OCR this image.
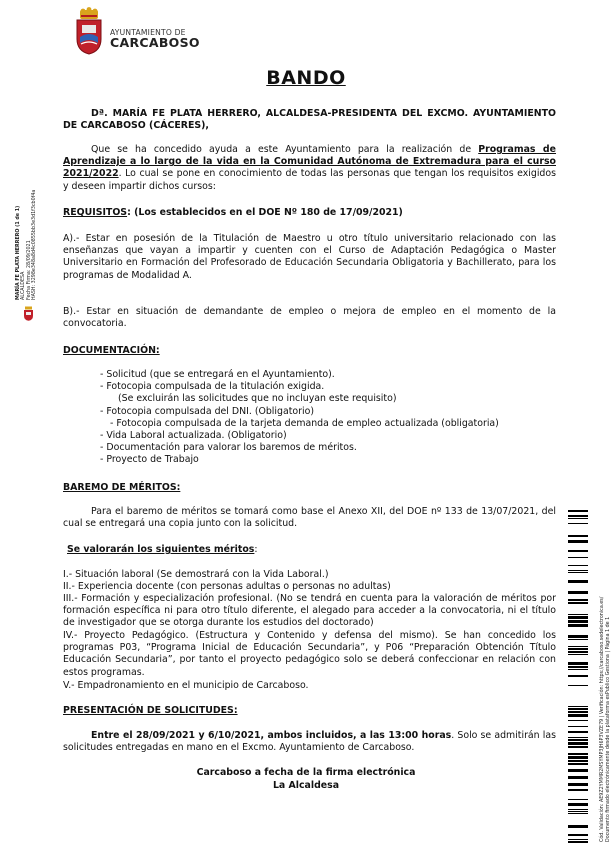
AYUNTAMIENTO DE
CARCABOSO
BANDO
Dª. MARÍA FE PLATA HERRERO, ALCALDESA-PRESIDENTA DEL EXCMO. AYUNTAMIENTO DE CARCABOSO (CÁCERES),
Que se ha concedido ayuda a este Ayuntamiento para la realización de Programas de Aprendizaje a lo largo de la vida en la Comunidad Autónoma de Extremadura para el curso 2021/2022. Lo cual se pone en conocimiento de todas las personas que tengan los requisitos exigidos y deseen impartir dichos cursos:
REQUISITOS: (Los establecidos en el DOE Nº 180 de 17/09/2021)
A).- Estar en posesión de la Titulación de Maestro u otro título universitario relacionado con las enseñanzas que vayan a impartir y cuenten con el Curso de Adaptación Pedagógica o Master Universitario en Formación del Profesorado de Educación Secundaria Obligatoria y Bachillerato, para los programas de Modalidad A.
B).- Estar en situación de demandante de empleo o mejora de empleo en el momento de la convocatoria.
DOCUMENTACIÓN:
- Solicitud (que se entregará en el Ayuntamiento).
- Fotocopia compulsada de la titulación exigida.
(Se excluirán las solicitudes que no incluyan este requisito)
- Fotocopia compulsada del DNI. (Obligatorio)
- Fotocopia compulsada de la tarjeta demanda de empleo actualizada (obligatoria)
- Vida Laboral actualizada. (Obligatorio)
- Documentación para valorar los baremos de méritos.
- Proyecto de Trabajo
BAREMO DE MÉRITOS:
Para el baremo de méritos se tomará como base el Anexo XII, del DOE nº 133 de 13/07/2021, del cual se entregará una copia junto con la solicitud.
Se valorarán los siguientes méritos:
I.- Situación laboral (Se demostrará con la Vida Laboral.)
II.- Experiencia docente (con personas adultas o personas no adultas)
III.- Formación y especialización profesional. (No se tendrá en cuenta para la valoración de méritos por formación específica ni para otro título diferente, el alegado para acceder a la convocatoria, ni el título de investigador que se otorga durante los estudios del doctorado)
IV.- Proyecto Pedagógico. (Estructura y Contenido y defensa del mismo). Se han concedido los programas P03, “Programa Inicial de Educación Secundaria”, y P06 “Preparación Obtención Título Educación Secundaria”, por tanto el proyecto pedagógico solo se deberá confeccionar en relación con estos programas.
V.- Empadronamiento en el municipio de Carcaboso.
PRESENTACIÓN DE SOLICITUDES:
Entre el 28/09/2021 y 6/10/2021, ambos incluidos, a las 13:00 horas. Solo se admitirán las solicitudes entregadas en mano en el Excmo. Ayuntamiento de Carcaboso.
Carcaboso a fecha de la firma electrónica
La Alcaldesa
MARÍA FE PLATA HERRERO (1 de 1) ALCALDESA Fecha Firma: 28/09/2021 HASH: 3298e348a8d4c0855bb3e3d1f3cb0f4a
Cód. Validación: AE9Z2YMMR2MSYMP3JH6P3VZE79 | Verificación: https://carcaboso.sedelectronica.es/ Documento firmado electrónicamente desde la plataforma esPublico Gestiona | Página 1 de 1
